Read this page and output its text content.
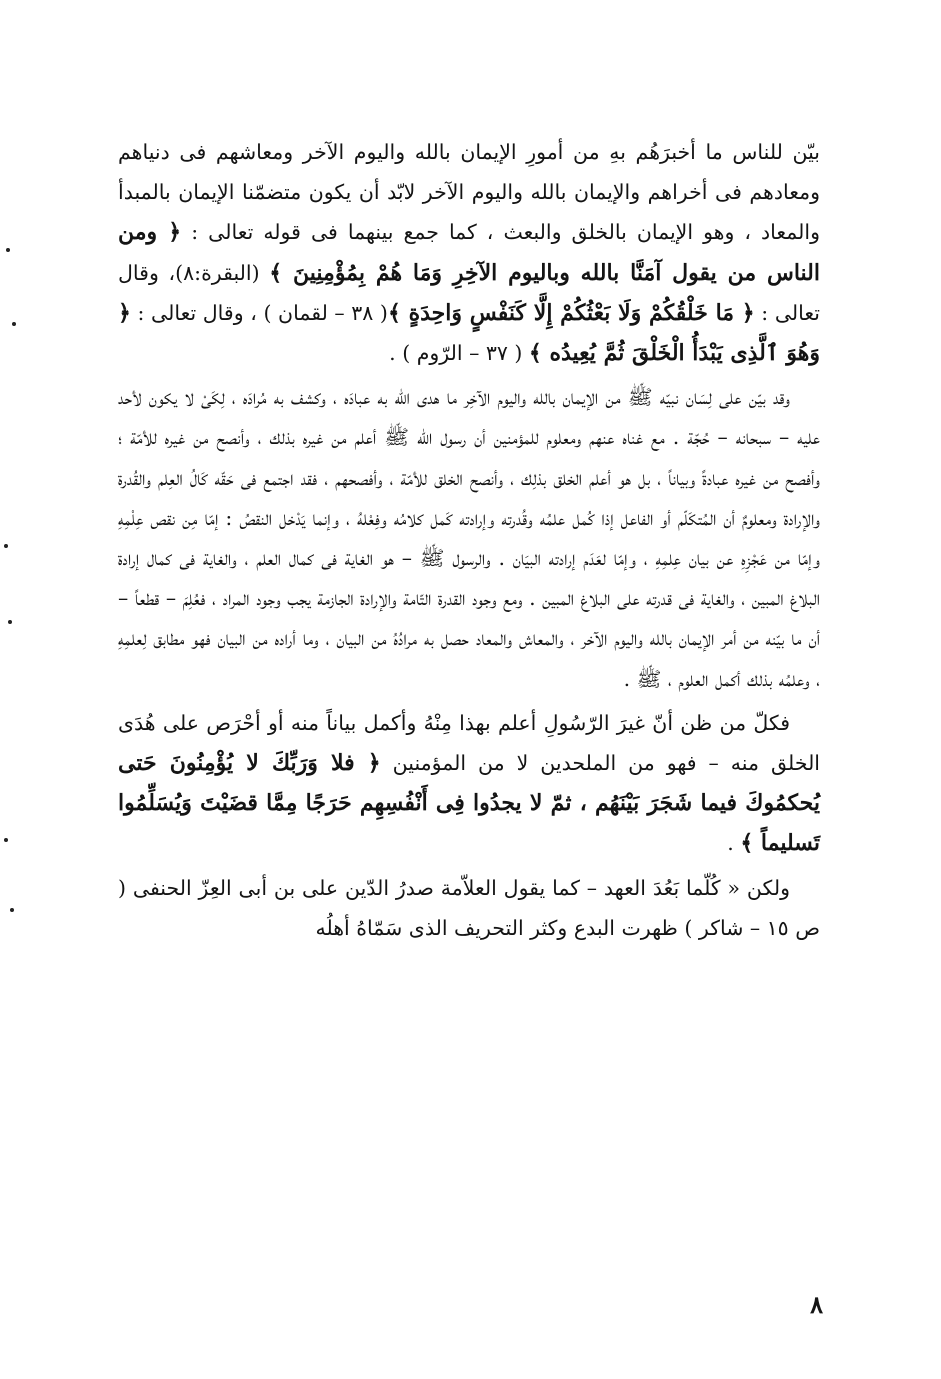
بيّن للناس ما أخبرَهُم بهِ من أمورِ الإيمان بالله واليوم الآخر ومعاشهم فى دنياهم ومعادهم فى أخراهم والإيمان بالله واليوم الآخر لابّد أن يكون متضمّنا الإيمان بالمبدأ والمعاد ، وهو الإيمان بالخلق والبعث ، كما جمع بينهما فى قوله تعالى : ﴿ ومن الناس من يقول آمَنَّا بالله وباليوم الآخِرِ وَمَا هُمْ بِمُؤْمِنِينَ ﴾ (البقرة:٨)، وقال تعالى : ﴿ مَا خَلْقُكُمْ وَلَا بَعْثُكُمْ إِلَّا كَنَفْسٍ وَاحِدَةٍ ﴾( ٣٨ – لقمان ) ، وقال تعالى : ﴿ وَهُوَ ٱلَّذِى يَبْدَأُ الْخَلْقَ ثُمَّ يُعِيدُه ﴾ ( ٣٧ – الرّوم ) .

وقد بيّن على لِسَان نبيّه ﷺ من الإيمان بالله واليوم الآخِر ما هدى الله به عبادَه ، وكشف به مُرادَه ، لِكَىْ لا يكون لأحد عليه – سبحانه – حُجّة . مع غناه عنهم ومعلوم للمؤمنين أن رسول الله ﷺ أعلم من غيره بذلك ، وأنصح من غيره للأمّة ؛ وأفصح من غيره عبادةً وبياناً ، بل هو أعلم الخلق بذلِك ، وأنصح الخلق للأمّة ، وأفصحهم ، فقد اجتمع فى حَقّه كَالُ العِلم والقُدرة والإرادة ومعلومٌ أن المُتكَلّم أو الفاعل إذا كُمل علمُه وقُدرته وإرادته كَمل كلامُه وفِعْلهُ ، وإنما يَدْخل النقصُ : إمّا مِن نقص عِلْمِهِ وإمّا من عَجْزِهِ عن بيان عِلمِهِ ، وإمّا لعَدَم إرادته البيَان . والرسول ﷺ – هو الغاية فى كمال العلم ، والغاية فى كمال إرادة البلاغ المبين ، والغاية فى قدرته على البلاغ المبين . ومع وجود القدرة التّامة والإرادة الجازمة يجب وجود المراد ، فعُلِمَ – قطعاً – أن ما بيّنه من أمر الإيمان بالله واليوم الآخر ، والمعاش والمعاد حصل به مرادُهُ من البيان ، وما أراده من البيان فهو مطابق لِعلمِهِ ، وعلمُه بذلك أكمل العلوم ، ﷺ .

فكلّ من ظن أنّ غيرَ الرّسُولِ أعلم بهذا مِنْهُ وأكمل بياناً منه أو أحْرَص على هُدَى الخلق منه – فهو من الملحدين لا من المؤمنين ﴿ فلا وَرَبِّكَ لا يُؤْمِنُونَ حَتى يُحكمُوكَ فيما شَجَرَ بَيْنَهُم ، ثمّ لا يجدُوا فِى أَنْفُسِهِم حَرَجًا مِمَّا قضَيْتَ وَيُسَلِّمُوا تَسليماً ﴾ .

ولكن « كُلّما بَعُدَ العهد – كما يقول العلاّمة صدرُ الدّين على بن أبى العِزّ الحنفى ( ص ١٥ – شاكر ) ظهرت البدع وكثر التحريف الذى سَمّاهُ أهلُه

٨
